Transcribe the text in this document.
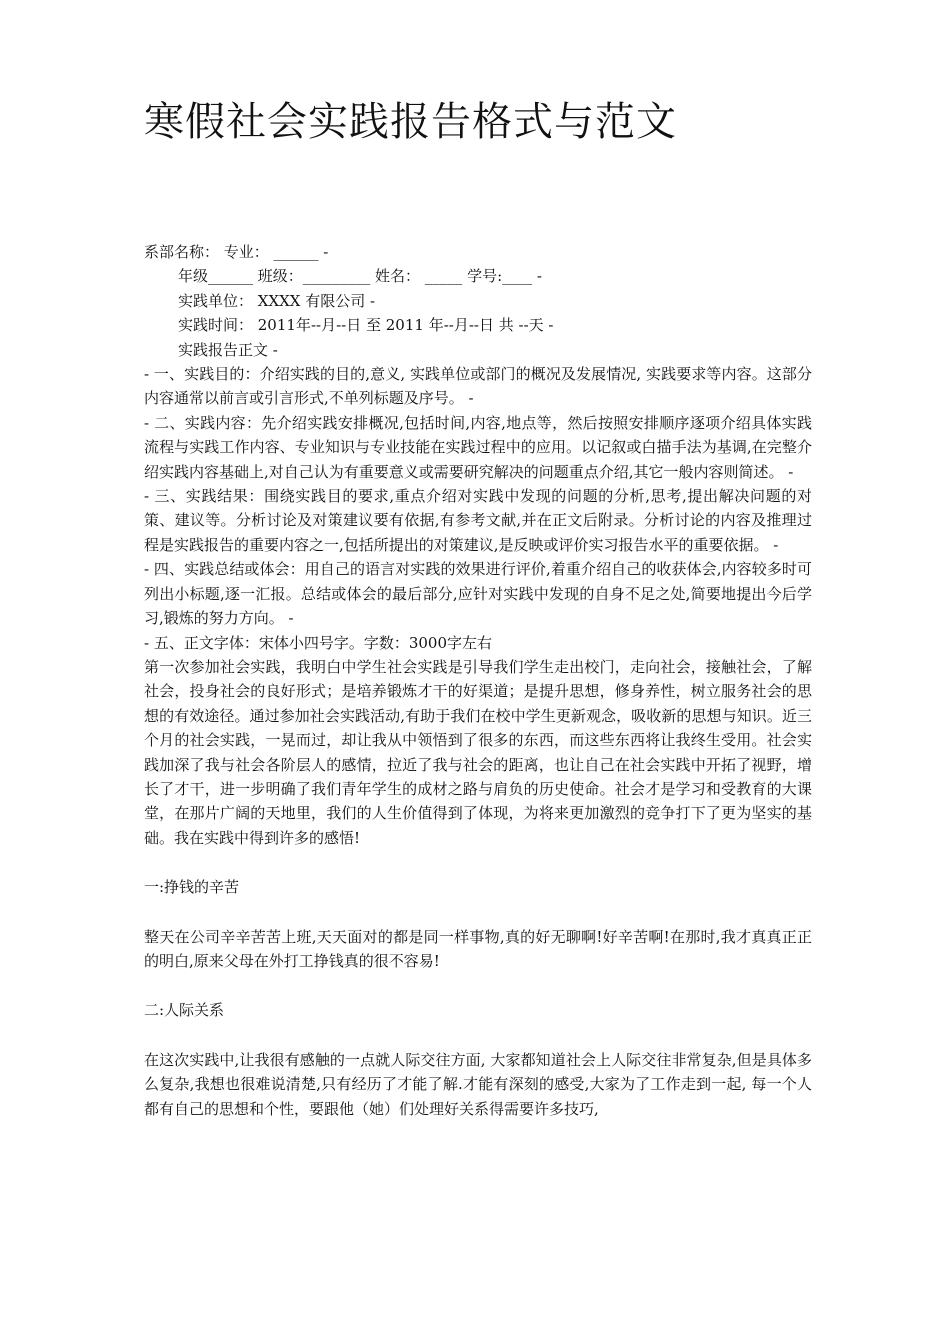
寒假社会实践报告格式与范文
系部名称： 专业： ______ -
年级______ 班级：_________ 姓名： _____ 学号:____ -
实践单位： XXXX 有限公司 -
实践时间： 2011年--月--日 至 2011 年--月--日 共 --天 -
实践报告正文 -
- 一、实践目的：介绍实践的目的,意义, 实践单位或部门的概况及发展情况, 实践要求等内容。这部分内容通常以前言或引言形式,不单列标题及序号。 -
- 二、实践内容：先介绍实践安排概况,包括时间,内容,地点等，然后按照安排顺序逐项介绍具体实践流程与实践工作内容、专业知识与专业技能在实践过程中的应用。以记叙或白描手法为基调,在完整介绍实践内容基础上,对自己认为有重要意义或需要研究解决的问题重点介绍,其它一般内容则简述。 -
- 三、实践结果：围绕实践目的要求,重点介绍对实践中发现的问题的分析,思考,提出解决问题的对策、建议等。分析讨论及对策建议要有依据,有参考文献,并在正文后附录。分析讨论的内容及推理过程是实践报告的重要内容之一,包括所提出的对策建议,是反映或评价实习报告水平的重要依据。 -
- 四、实践总结或体会：用自己的语言对实践的效果进行评价,着重介绍自己的收获体会,内容较多时可列出小标题,逐一汇报。总结或体会的最后部分,应针对实践中发现的自身不足之处,简要地提出今后学习,锻炼的努力方向。 -
- 五、正文字体：宋体小四号字。字数：3000字左右
第一次参加社会实践，我明白中学生社会实践是引导我们学生走出校门，走向社会，接触社会，了解社会，投身社会的良好形式；是培养锻炼才干的好渠道；是提升思想，修身养性，树立服务社会的思想的有效途径。通过参加社会实践活动,有助于我们在校中学生更新观念，吸收新的思想与知识。近三个月的社会实践，一晃而过，却让我从中领悟到了很多的东西，而这些东西将让我终生受用。社会实践加深了我与社会各阶层人的感情，拉近了我与社会的距离，也让自己在社会实践中开拓了视野，增长了才干，进一步明确了我们青年学生的成材之路与肩负的历史使命。社会才是学习和受教育的大课堂，在那片广阔的天地里，我们的人生价值得到了体现，为将来更加激烈的竞争打下了更为坚实的基础。我在实践中得到许多的感悟!
一:挣钱的辛苦
整天在公司辛辛苦苦上班,天天面对的都是同一样事物,真的好无聊啊!好辛苦啊!在那时,我才真真正正的明白,原来父母在外打工挣钱真的很不容易!
二:人际关系
在这次实践中,让我很有感触的一点就人际交往方面, 大家都知道社会上人际交往非常复杂,但是具体多么复杂,我想也很难说清楚,只有经历了才能了解.才能有深刻的感受,大家为了工作走到一起, 每一个人都有自己的思想和个性，要跟他（她）们处理好关系得需要许多技巧,
